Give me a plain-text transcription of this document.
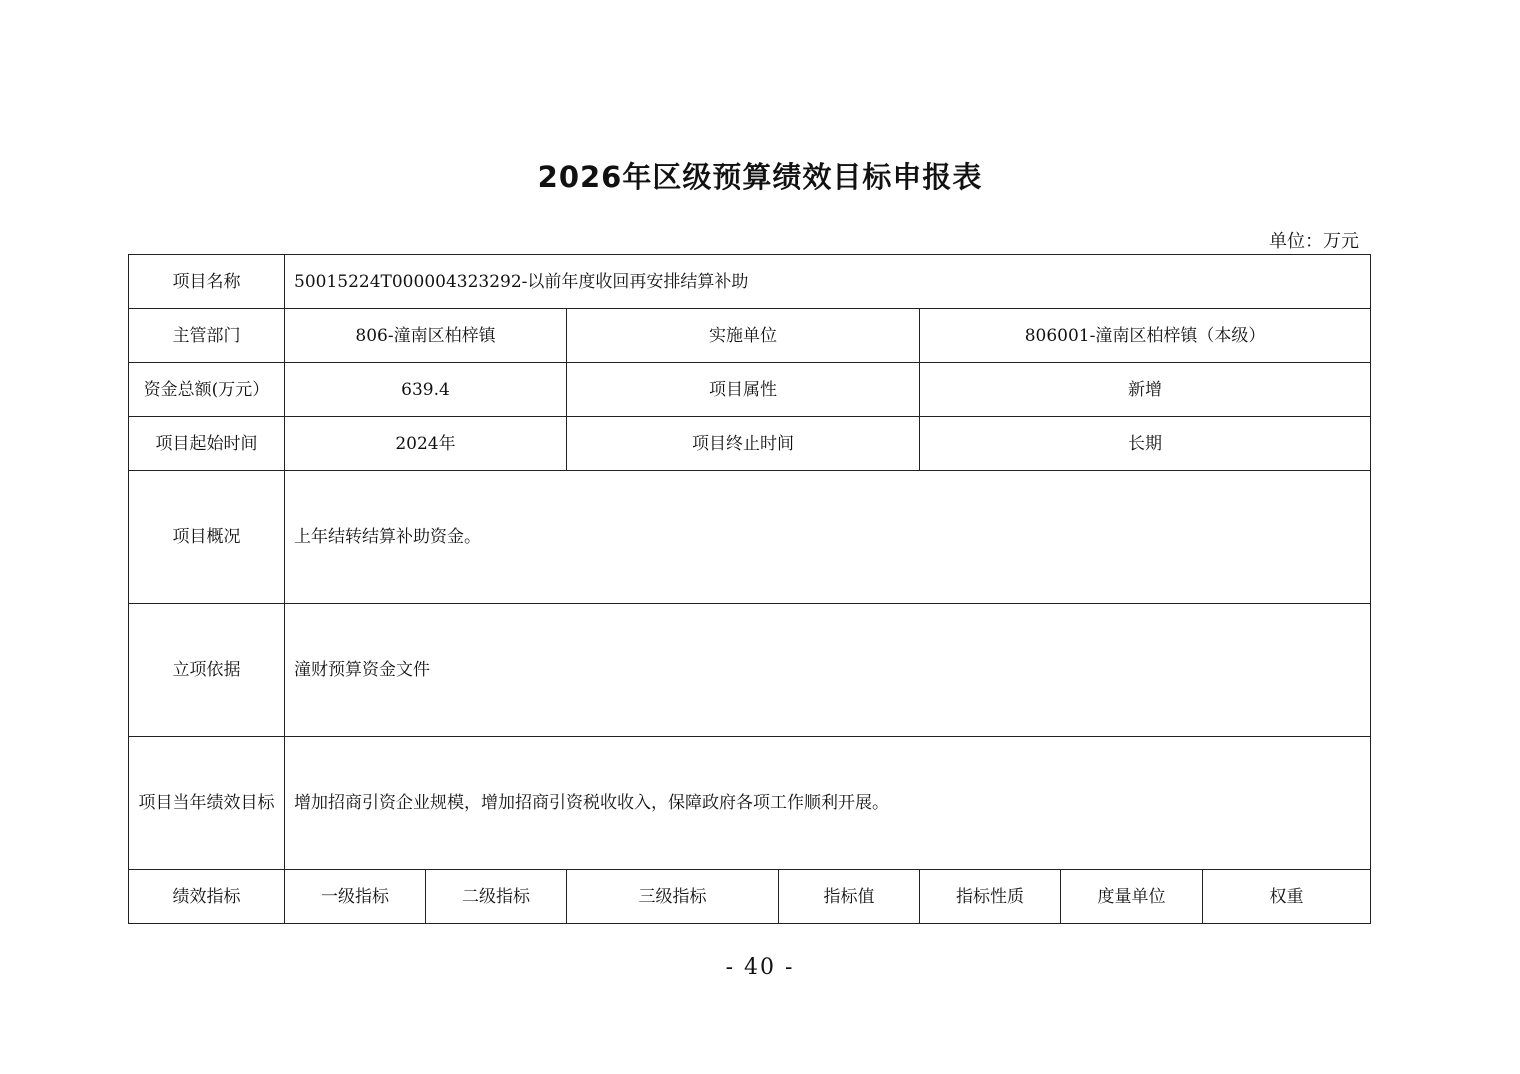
2026年区级预算绩效目标申报表
单位：万元
项目名称	50015224T000004323292-以前年度收回再安排结算补助						
主管部门	806-潼南区柏梓镇		实施单位		806001-潼南区柏梓镇（本级）		
资金总额(万元）	639.4		项目属性		新增		
项目起始时间	2024年		项目终止时间		长期		
项目概况	上年结转结算补助资金。						
立项依据	潼财预算资金文件						
项目当年绩效目标	增加招商引资企业规模，增加招商引资税收收入，保障政府各项工作顺利开展。						
绩效指标	一级指标	二级指标	三级指标	指标值	指标性质	度量单位	权重
- 40 -
